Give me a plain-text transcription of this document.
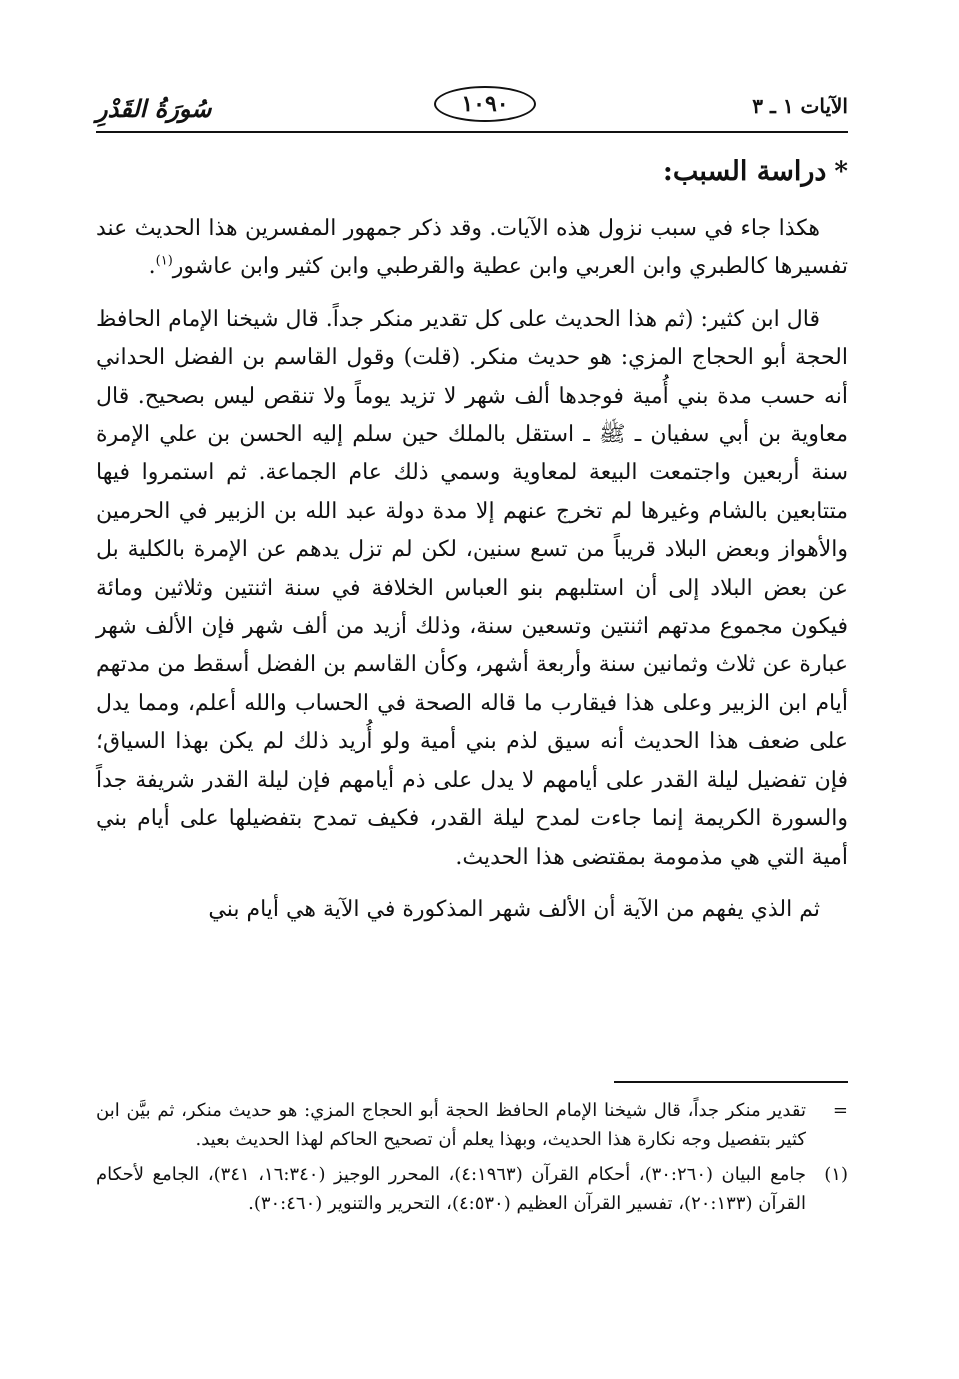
سُورَةُ القَدْرِ	١٠٩٠	الآيات ١ ـ ٣
*دراسة السبب:

هكذا جاء في سبب نزول هذه الآيات. وقد ذكر جمهور المفسرين هذا الحديث عند تفسيرها كالطبري وابن العربي وابن عطية والقرطبي وابن كثير وابن عاشور$^{(١)}$.

قال ابن كثير: (ثم هذا الحديث على كل تقدير منكر جداً. قال شيخنا الإمام الحافظ الحجة أبو الحجاج المزي: هو حديث منكر. (قلت) وقول القاسم بن الفضل الحداني أنه حسب مدة بني أُمية فوجدها ألف شهر لا تزيد يوماً ولا تنقص ليس بصحيح. قال معاوية بن أبي سفيان ـ ﷺ ـ استقل بالملك حين سلم إليه الحسن بن علي الإمرة سنة أربعين واجتمعت البيعة لمعاوية وسمي ذلك عام الجماعة. ثم استمروا فيها متتابعين بالشام وغيرها لم تخرج عنهم إلا مدة دولة عبد الله بن الزبير في الحرمين والأهواز وبعض البلاد قريباً من تسع سنين، لكن لم تزل يدهم عن الإمرة بالكلية بل عن بعض البلاد إلى أن استلبهم بنو العباس الخلافة في سنة اثنتين وثلاثين ومائة فيكون مجموع مدتهم اثنتين وتسعين سنة، وذلك أزيد من ألف شهر فإن الألف شهر عبارة عن ثلاث وثمانين سنة وأربعة أشهر، وكأن القاسم بن الفضل أسقط من مدتهم أيام ابن الزبير وعلى هذا فيقارب ما قاله الصحة في الحساب والله أعلم، ومما يدل على ضعف هذا الحديث أنه سيق لذم بني أمية ولو أُريد ذلك لم يكن بهذا السياق؛ فإن تفضيل ليلة القدر على أيامهم لا يدل على ذم أيامهم فإن ليلة القدر شريفة جداً والسورة الكريمة إنما جاءت لمدح ليلة القدر، فكيف تمدح بتفضيلها على أيام بني أمية التي هي مذمومة بمقتضى هذا الحديث.

ثم الذي يفهم من الآية أن الألف شهر المذكورة في الآية هي أيام بني

=
تقدير منكر جداً، قال شيخنا الإمام الحافظ الحجة أبو الحجاج المزي: هو حديث منكر، ثم بيَّن ابن كثير بتفصيل وجه نكارة هذا الحديث، وبهذا يعلم أن تصحيح الحاكم لهذا الحديث بعيد.

(١)
جامع البيان (٣٠:٢٦٠)، أحكام القرآن (٤:١٩٦٣)، المحرر الوجيز (١٦:٣٤٠، ٣٤١)، الجامع لأحكام القرآن (٢٠:١٣٣)، تفسير القرآن العظيم (٤:٥٣٠)، التحرير والتنوير (٣٠:٤٦٠).
